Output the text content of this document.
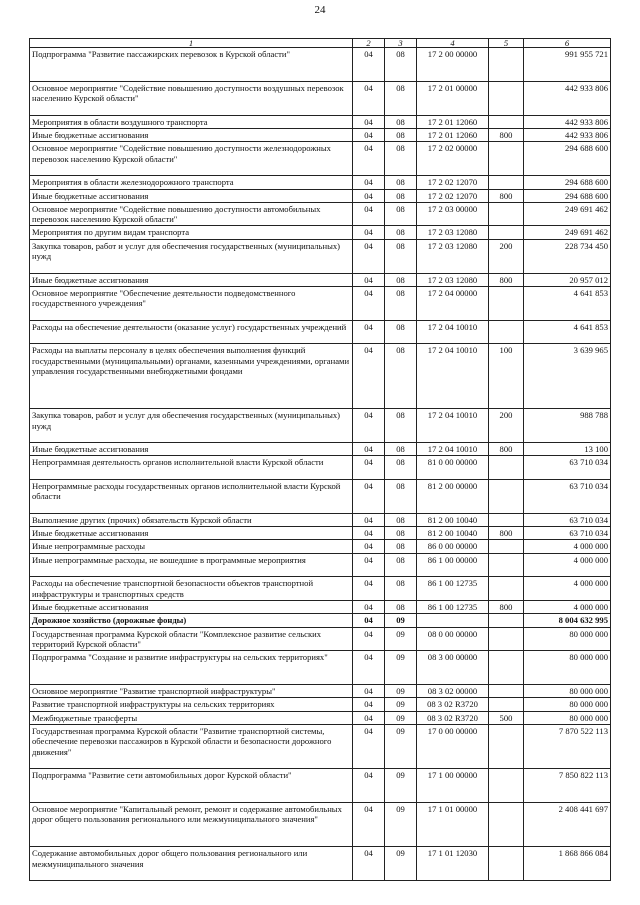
24
1	2	3	4	5	6
Подпрограмма "Развитие пассажирских перевозок в Курской области"	04	08	17 2 00 00000		991 955 721
Основное мероприятие "Содействие повышению доступности воздушных перевозок населению Курской области"	04	08	17 2 01 00000		442 933 806
Мероприятия в области воздушного транспорта	04	08	17 2 01 12060		442 933 806
Иные бюджетные ассигнования	04	08	17 2 01 12060	800	442 933 806
Основное мероприятие "Содействие повышению доступности железнодорожных перевозок населению Курской области"	04	08	17 2 02 00000		294 688 600
Мероприятия в области железнодорожного транспорта	04	08	17 2 02 12070		294 688 600
Иные бюджетные ассигнования	04	08	17 2 02 12070	800	294 688 600
Основное мероприятие "Содействие повышению доступности автомобильных перевозок населению Курской области"	04	08	17 2 03 00000		249 691 462
Мероприятия по другим видам транспорта	04	08	17 2 03 12080		249 691 462
Закупка товаров, работ и услуг для обеспечения государственных (муниципальных) нужд	04	08	17 2 03 12080	200	228 734 450
Иные бюджетные ассигнования	04	08	17 2 03 12080	800	20 957 012
Основное мероприятие "Обеспечение деятельности подведомственного государственного учреждения"	04	08	17 2 04 00000		4 641 853
Расходы на обеспечение деятельности (оказание услуг) государственных учреждений	04	08	17 2 04 10010		4 641 853
Расходы на выплаты персоналу в целях обеспечения выполнения функций государственными (муниципальными) органами, казенными учреждениями, органами управления государственными внебюджетными фондами	04	08	17 2 04 10010	100	3 639 965
Закупка товаров, работ и услуг для обеспечения государственных (муниципальных) нужд	04	08	17 2 04 10010	200	988 788
Иные бюджетные ассигнования	04	08	17 2 04 10010	800	13 100
Непрограммная деятельность органов исполнительной власти Курской области	04	08	81 0 00 00000		63 710 034
Непрограммные расходы государственных органов исполнительной власти Курской области	04	08	81 2 00 00000		63 710 034
Выполнение других (прочих) обязательств Курской области	04	08	81 2 00 10040		63 710 034
Иные бюджетные ассигнования	04	08	81 2 00 10040	800	63 710 034
Иные непрограммные расходы	04	08	86 0 00 00000		4 000 000
Иные непрограммные расходы, не вошедшие в программные мероприятия	04	08	86 1 00 00000		4 000 000
Расходы на обеспечение транспортной безопасности объектов транспортной инфраструктуры и транспортных средств	04	08	86 1 00 12735		4 000 000
Иные бюджетные ассигнования	04	08	86 1 00 12735	800	4 000 000
Дорожное хозяйство (дорожные фонды)	04	09			8 004 632 995
Государственная программа Курской области "Комплексное развитие сельских территорий Курской области"	04	09	08 0 00 00000		80 000 000
Подпрограмма "Создание и развитие инфраструктуры на сельских территориях"	04	09	08 3 00 00000		80 000 000
Основное мероприятие "Развитие транспортной инфраструктуры"	04	09	08 3 02 00000		80 000 000
Развитие транспортной инфраструктуры на сельских территориях	04	09	08 3 02 R3720		80 000 000
Межбюджетные трансферты	04	09	08 3 02 R3720	500	80 000 000
Государственная программа Курской области "Развитие транспортной системы, обеспечение перевозки пассажиров в Курской области и безопасности дорожного движения"	04	09	17 0 00 00000		7 870 522 113
Подпрограмма "Развитие сети автомобильных дорог Курской области"	04	09	17 1 00 00000		7 850 822 113
Основное мероприятие "Капитальный ремонт, ремонт и содержание автомобильных дорог общего пользования регионального или межмуниципального значения"	04	09	17 1 01 00000		2 408 441 697
Содержание автомобильных дорог общего пользования регионального или межмуниципального значения	04	09	17 1 01 12030		1 868 866 084
